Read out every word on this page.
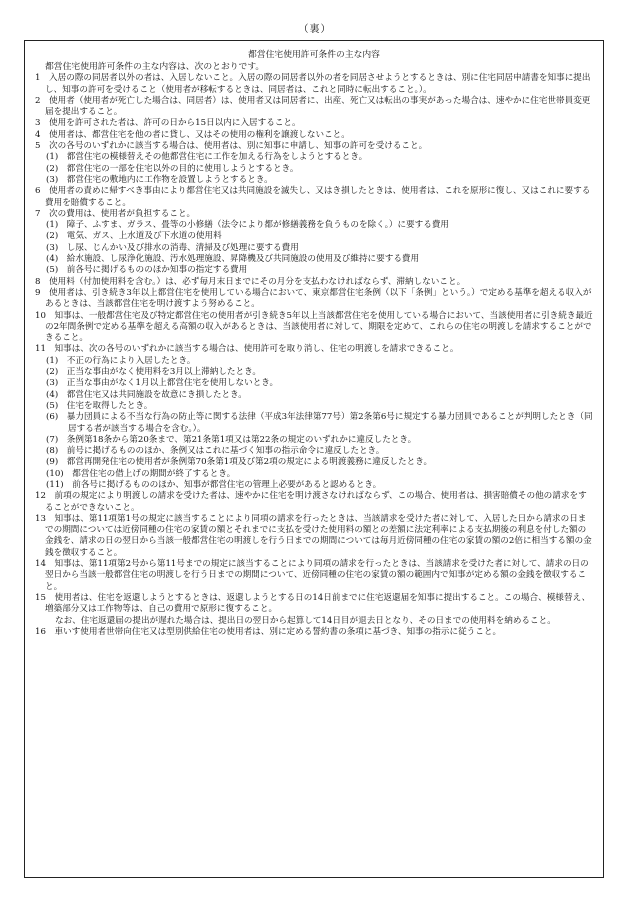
（裏）
都営住宅使用許可条件の主な内容
都営住宅使用許可条件の主な内容は、次のとおりです。
1　入居の際の同居者以外の者は、入居しないこと。入居の際の同居者以外の者を同居させようとするときは、別に住宅同居申請書を知事に提出し、知事の許可を受けること（使用者が移転するときは、同居者は、これと同時に転出すること。）。
2　使用者（使用者が死亡した場合は、同居者）は、使用者又は同居者に、出産、死亡又は転出の事実があった場合は、速やかに住宅世帯員変更届を提出すること。
3　使用を許可された者は、許可の日から15日以内に入居すること。
4　使用者は、都営住宅を他の者に貸し、又はその使用の権利を譲渡しないこと。
5　次の各号のいずれかに該当する場合は、使用者は、別に知事に申請し、知事の許可を受けること。
(1)　都営住宅の模様替えその他都営住宅に工作を加える行為をしようとするとき。
(2)　都営住宅の一部を住宅以外の目的に使用しようとするとき。
(3)　都営住宅の敷地内に工作物を設置しようとするとき。
6　使用者の責めに帰すべき事由により都営住宅又は共同施設を滅失し、又はき損したときは、使用者は、これを原形に復し、又はこれに要する費用を賠償すること。
7　次の費用は、使用者が負担すること。
(1)　障子、ふすま、ガラス、畳等の小修繕（法令により都が修繕義務を負うものを除く。）に要する費用
(2)　電気、ガス、上水道及び下水道の使用料
(3)　し尿、じんかい及び排水の消毒、清掃及び処理に要する費用
(4)　給水施設、し尿浄化施設、汚水処理施設、昇降機及び共同施設の使用及び維持に要する費用
(5)　前各号に掲げるもののほか知事の指定する費用
8　使用料（付加使用料を含む。）は、必ず毎月末日までにその月分を支払わなければならず、滞納しないこと。
9　使用者は、引き続き3年以上都営住宅を使用している場合において、東京都営住宅条例（以下「条例」という。）で定める基準を超える収入があるときは、当該都営住宅を明け渡すよう努めること。
10　知事は、一般都営住宅及び特定都営住宅の使用者が引き続き5年以上当該都営住宅を使用している場合において、当該使用者に引き続き最近の2年間条例で定める基準を超える高額の収入があるときは、当該使用者に対して、期限を定めて、これらの住宅の明渡しを請求することができること。
11　知事は、次の各号のいずれかに該当する場合は、使用許可を取り消し、住宅の明渡しを請求できること。
(1)　不正の行為により入居したとき。
(2)　正当な事由がなく使用料を3月以上滞納したとき。
(3)　正当な事由がなく1月以上都営住宅を使用しないとき。
(4)　都営住宅又は共同施設を故意にき損したとき。
(5)　住宅を取得したとき。
(6)　暴力団員による不当な行為の防止等に関する法律（平成3年法律第77号）第2条第6号に規定する暴力団員であることが判明したとき（同居する者が該当する場合を含む。）。
(7)　条例第18条から第20条まで、第21条第1項又は第22条の規定のいずれかに違反したとき。
(8)　前号に掲げるもののほか、条例又はこれに基づく知事の指示命令に違反したとき。
(9)　都営再開発住宅の使用者が条例第70条第1項及び第2項の規定による明渡義務に違反したとき。
(10)　都営住宅の借上げの期間が終了するとき。
(11)　前各号に掲げるもののほか、知事が都営住宅の管理上必要があると認めるとき。
12　前項の規定により明渡しの請求を受けた者は、速やかに住宅を明け渡さなければならず、この場合、使用者は、損害賠償その他の請求をすることができないこと。
13　知事は、第11項第1号の規定に該当することにより同項の請求を行ったときは、当該請求を受けた者に対して、入居した日から請求の日までの期間については近傍同種の住宅の家賃の額とそれまでに支払を受けた使用料の額との差額に法定利率による支払期後の利息を付した額の金銭を、請求の日の翌日から当該一般都営住宅の明渡しを行う日までの期間については毎月近傍同種の住宅の家賃の額の2倍に相当する額の金銭を徴収すること。
14　知事は、第11項第2号から第11号までの規定に該当することにより同項の請求を行ったときは、当該請求を受けた者に対して、請求の日の翌日から当該一般都営住宅の明渡しを行う日までの期間について、近傍同種の住宅の家賃の額の範囲内で知事が定める額の金銭を徴収すること。
15　使用者は、住宅を返還しようとするときは、返還しようとする日の14日前までに住宅返還届を知事に提出すること。この場合、模様替え、増築部分又は工作物等は、自己の費用で原形に復すること。
なお、住宅返還届の提出が遅れた場合は、提出日の翌日から起算して14日目が退去日となり、その日までの使用料を納めること。
16　車いす使用者世帯向住宅又は型別供給住宅の使用者は、別に定める誓約書の条項に基づき、知事の指示に従うこと。
